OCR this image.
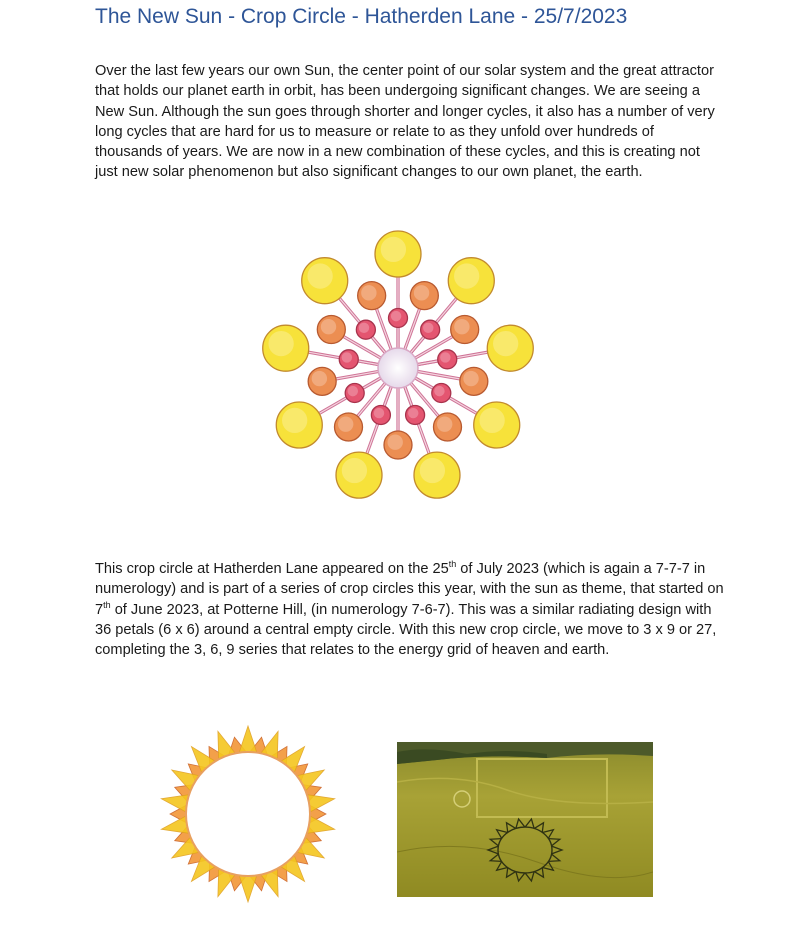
The New Sun - Crop Circle - Hatherden Lane - 25/7/2023

Over the last few years our own Sun, the center point of our solar system and the great attractor that holds our planet earth in orbit, has been undergoing significant changes. We are seeing a New Sun. Although the sun goes through shorter and longer cycles, it also has a number of very long cycles that are hard for us to measure or relate to as they unfold over hundreds of thousands of years. We are now in a new combination of these cycles, and this is creating not just new solar phenomenon but also significant changes to our own planet, the earth.

This crop circle at Hatherden Lane appeared on the 25th of July 2023 (which is again a 7-7-7 in numerology) and is part of a series of crop circles this year, with the sun as theme, that started on 7th of June 2023, at Potterne Hill, (in numerology 7-6-7). This was a similar radiating design with 36 petals (6 x 6) around a central empty circle. With this new crop circle, we move to 3 x 9 or 27, completing the 3, 6, 9 series that relates to the energy grid of heaven and earth.
